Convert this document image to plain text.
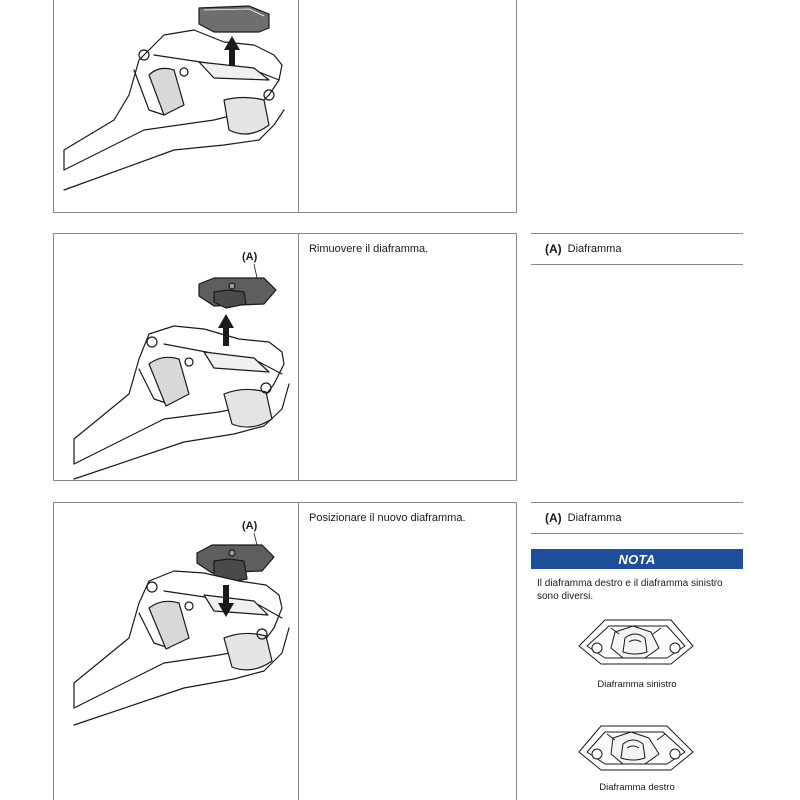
(A)
Rimuovere il diaframma.	(A) Diaframma
(A)
Posizionare il nuovo diaframma.	(A) Diaframma
NOTA
Il diaframma destro e il diaframma sinistro sono diversi.
Diaframma sinistro
Diaframma destro
